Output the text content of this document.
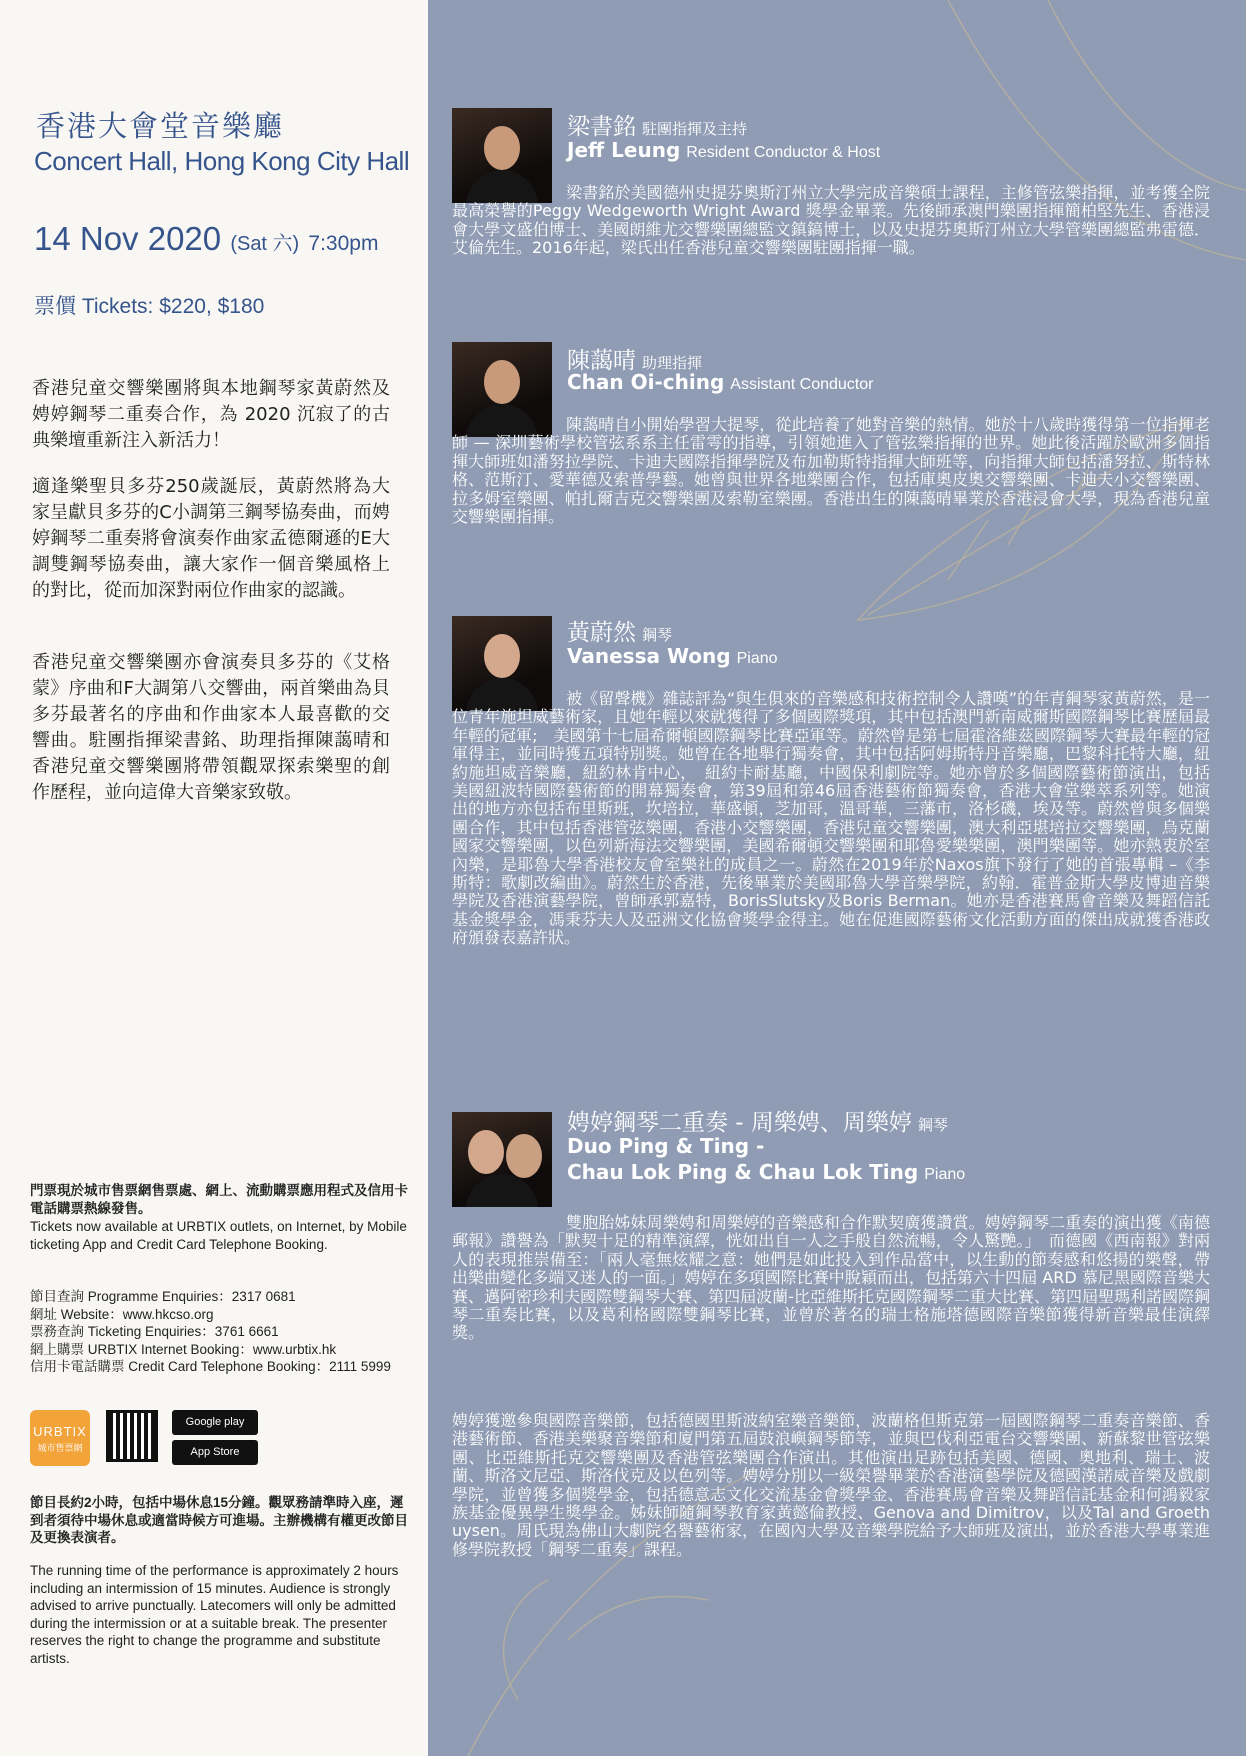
香港大會堂音樂廳
Concert Hall, Hong Kong City Hall
14 Nov 2020 (Sat 六) 7:30pm
票價 Tickets: $220, $180
香港兒童交響樂團將與本地鋼琴家黃蔚然及娉婷鋼琴二重奏合作，為 2020 沉寂了的古典樂壇重新注入新活力！
適逢樂聖貝多芬250歲誕辰，黃蔚然將為大家呈獻貝多芬的C小調第三鋼琴協奏曲，而娉婷鋼琴二重奏將會演奏作曲家孟德爾遜的E大調雙鋼琴協奏曲，讓大家作一個音樂風格上的對比，從而加深對兩位作曲家的認識。
香港兒童交響樂團亦會演奏貝多芬的《艾格蒙》序曲和F大調第八交響曲，兩首樂曲為貝多芬最著名的序曲和作曲家本人最喜歡的交響曲。駐團指揮梁書銘、助理指揮陳藹晴和香港兒童交響樂團將帶領觀眾探索樂聖的創作歷程，並向這偉大音樂家致敬。
門票現於城市售票網售票處、網上、流動購票應用程式及信用卡電話購票熱線發售。
Tickets now available at URBTIX outlets, on Internet, by Mobile ticketing App and Credit Card Telephone Booking.
節目查詢 Programme Enquiries：2317 0681
網址 Website：www.hkcso.org
票務查詢 Ticketing Enquiries：3761 6661
網上購票 URBTIX Internet Booking：www.urbtix.hk
信用卡電話購票 Credit Card Telephone Booking：2111 5999
URBTIX
城市售票網
Google play
App Store
節目長約2小時，包括中場休息15分鐘。觀眾務請準時入座，遲到者須待中場休息或適當時候方可進場。主辦機構有權更改節目及更換表演者。
The running time of the performance is approximately 2 hours including an intermission of 15 minutes. Audience is strongly advised to arrive punctually. Latecomers will only be admitted during the intermission or at a suitable break. The presenter reserves the right to change the programme and substitute artists.
梁書銘 駐團指揮及主持
Jeff Leung Resident Conductor & Host
梁書銘於美國德州史提芬奧斯汀州立大學完成音樂碩士課程，主修管弦樂指揮，並考獲全院最高榮譽的Peggy Wedgeworth Wright Award 獎學金畢業。先後師承澳門樂團指揮簡柏堅先生、香港浸會大學文盛伯博士、美國朗維尤交響樂團總監文鎮鎬博士，以及史提芬奧斯汀州立大學管樂團總監弗雷德．艾倫先生。2016年起，梁氏出任香港兒童交響樂團駐團指揮一職。
陳藹晴 助理指揮
Chan Oi-ching Assistant Conductor
陳藹晴自小開始學習大提琴，從此培養了她對音樂的熱情。她於十八歲時獲得第一位指揮老師 — 深圳藝術學校管弦系系主任雷雩的指導，引領她進入了管弦樂指揮的世界。她此後活躍於歐洲多個指揮大師班如潘努拉學院、卡迪夫國際指揮學院及布加勒斯特指揮大師班等，向指揮大師包括潘努拉、斯特林格、范斯汀、愛華德及索普學藝。她曾與世界各地樂團合作，包括庫奧皮奧交響樂團、卡迪夫小交響樂團、拉多姆室樂團、帕扎爾吉克交響樂團及索勒室樂團。香港出生的陳藹晴畢業於香港浸會大學，現為香港兒童交響樂團指揮。
黃蔚然 鋼琴
Vanessa Wong Piano
被《留聲機》雜誌評為“與生俱來的音樂感和技術控制令人讚嘆”的年青鋼琴家黃蔚然，是一位青年施坦威藝術家，且她年輕以來就獲得了多個國際獎項，其中包括澳門新南威爾斯國際鋼琴比賽歷屆最年輕的冠軍;　美國第十七屆希爾頓國際鋼琴比賽亞軍等。蔚然曾是第七屆霍洛維茲國際鋼琴大賽最年輕的冠軍得主，並同時獲五項特別獎。她曾在各地舉行獨奏會，其中包括阿姆斯特丹音樂廳，巴黎科托特大廳，紐約施坦威音樂廳，紐約林肯中心，　紐約卡耐基廳，中國保利劇院等。她亦曾於多個國際藝術節演出，包括美國紐波特國際藝術節的開幕獨奏會，第39屆和第46屆香港藝術節獨奏會，香港大會堂樂萃系列等。她演出的地方亦包括布里斯班，坎培拉，華盛頓，芝加哥，溫哥華，三藩市，洛杉磯，埃及等。蔚然曾與多個樂團合作，其中包括香港管弦樂團，香港小交響樂團，香港兒童交響樂團，澳大利亞堪培拉交響樂團，烏克蘭國家交響樂團，以色列新海法交響樂團，美國希爾頓交響樂團和耶魯愛樂樂團，澳門樂團等。她亦熱衷於室內樂，是耶魯大學香港校友會室樂社的成員之一。蔚然在2019年於Naxos旗下發行了她的首張專輯 –《李斯特：歌劇改編曲》。蔚然生於香港，先後畢業於美國耶魯大學音樂學院，約翰．霍普金斯大學皮博迪音樂學院及香港演藝學院，曾師承郭嘉特，BorisSlutsky及Boris Berman。她亦是香港賽馬會音樂及舞蹈信託基金獎學金，馮秉芬夫人及亞洲文化協會獎學金得主。她在促進國際藝術文化活動方面的傑出成就獲香港政府頒發表嘉許狀。
娉婷鋼琴二重奏 - 周樂娉、周樂婷 鋼琴
Duo Ping & Ting -
Chau Lok Ping & Chau Lok Ting Piano
雙胞胎姊妹周樂娉和周樂婷的音樂感和合作默契廣獲讚賞。娉婷鋼琴二重奏的演出獲《南德郵報》讚譽為「默契十足的精準演繹，恍如出自一人之手般自然流暢，令人驚艷。」　而德國《西南報》對兩人的表現推崇備至：「兩人毫無炫耀之意：她們是如此投入到作品當中，以生動的節奏感和悠揚的樂聲，帶出樂曲變化多端又迷人的一面。」娉婷在多項國際比賽中脫穎而出，包括第六十四屆 ARD 慕尼黑國際音樂大賽、邁阿密珍利夫國際雙鋼琴大賽、第四屆波蘭-比亞維斯托克國際鋼琴二重大比賽、第四屆聖瑪利諾國際鋼琴二重奏比賽，以及葛利格國際雙鋼琴比賽，並曾於著名的瑞士格施塔德國際音樂節獲得新音樂最佳演繹獎。
娉婷獲邀參與國際音樂節，包括德國里斯波納室樂音樂節，波蘭格但斯克第一屆國際鋼琴二重奏音樂節、香港藝術節、香港美樂聚音樂節和廈門第五屆鼓浪嶼鋼琴節等，並與巴伐利亞電台交響樂團、新蘇黎世管弦樂團、比亞維斯托克交響樂團及香港管弦樂團合作演出。其他演出足跡包括美國、德國、奧地利、瑞士、波蘭、斯洛文尼亞、斯洛伐克及以色列等。娉婷分別以一級榮譽畢業於香港演藝學院及德國漢諾威音樂及戲劇學院，並曾獲多個獎學金，包括德意志文化交流基金會獎學金、香港賽馬會音樂及舞蹈信託基金和何鴻毅家族基金優異學生獎學金。姊妹師隨鋼琴教育家黃懿倫教授、Genova and Dimitrov，以及Tal and Groethuysen。周氏現為佛山大劇院名譽藝術家，在國內大學及音樂學院給予大師班及演出，並於香港大學專業進修學院教授「鋼琴二重奏」課程。
